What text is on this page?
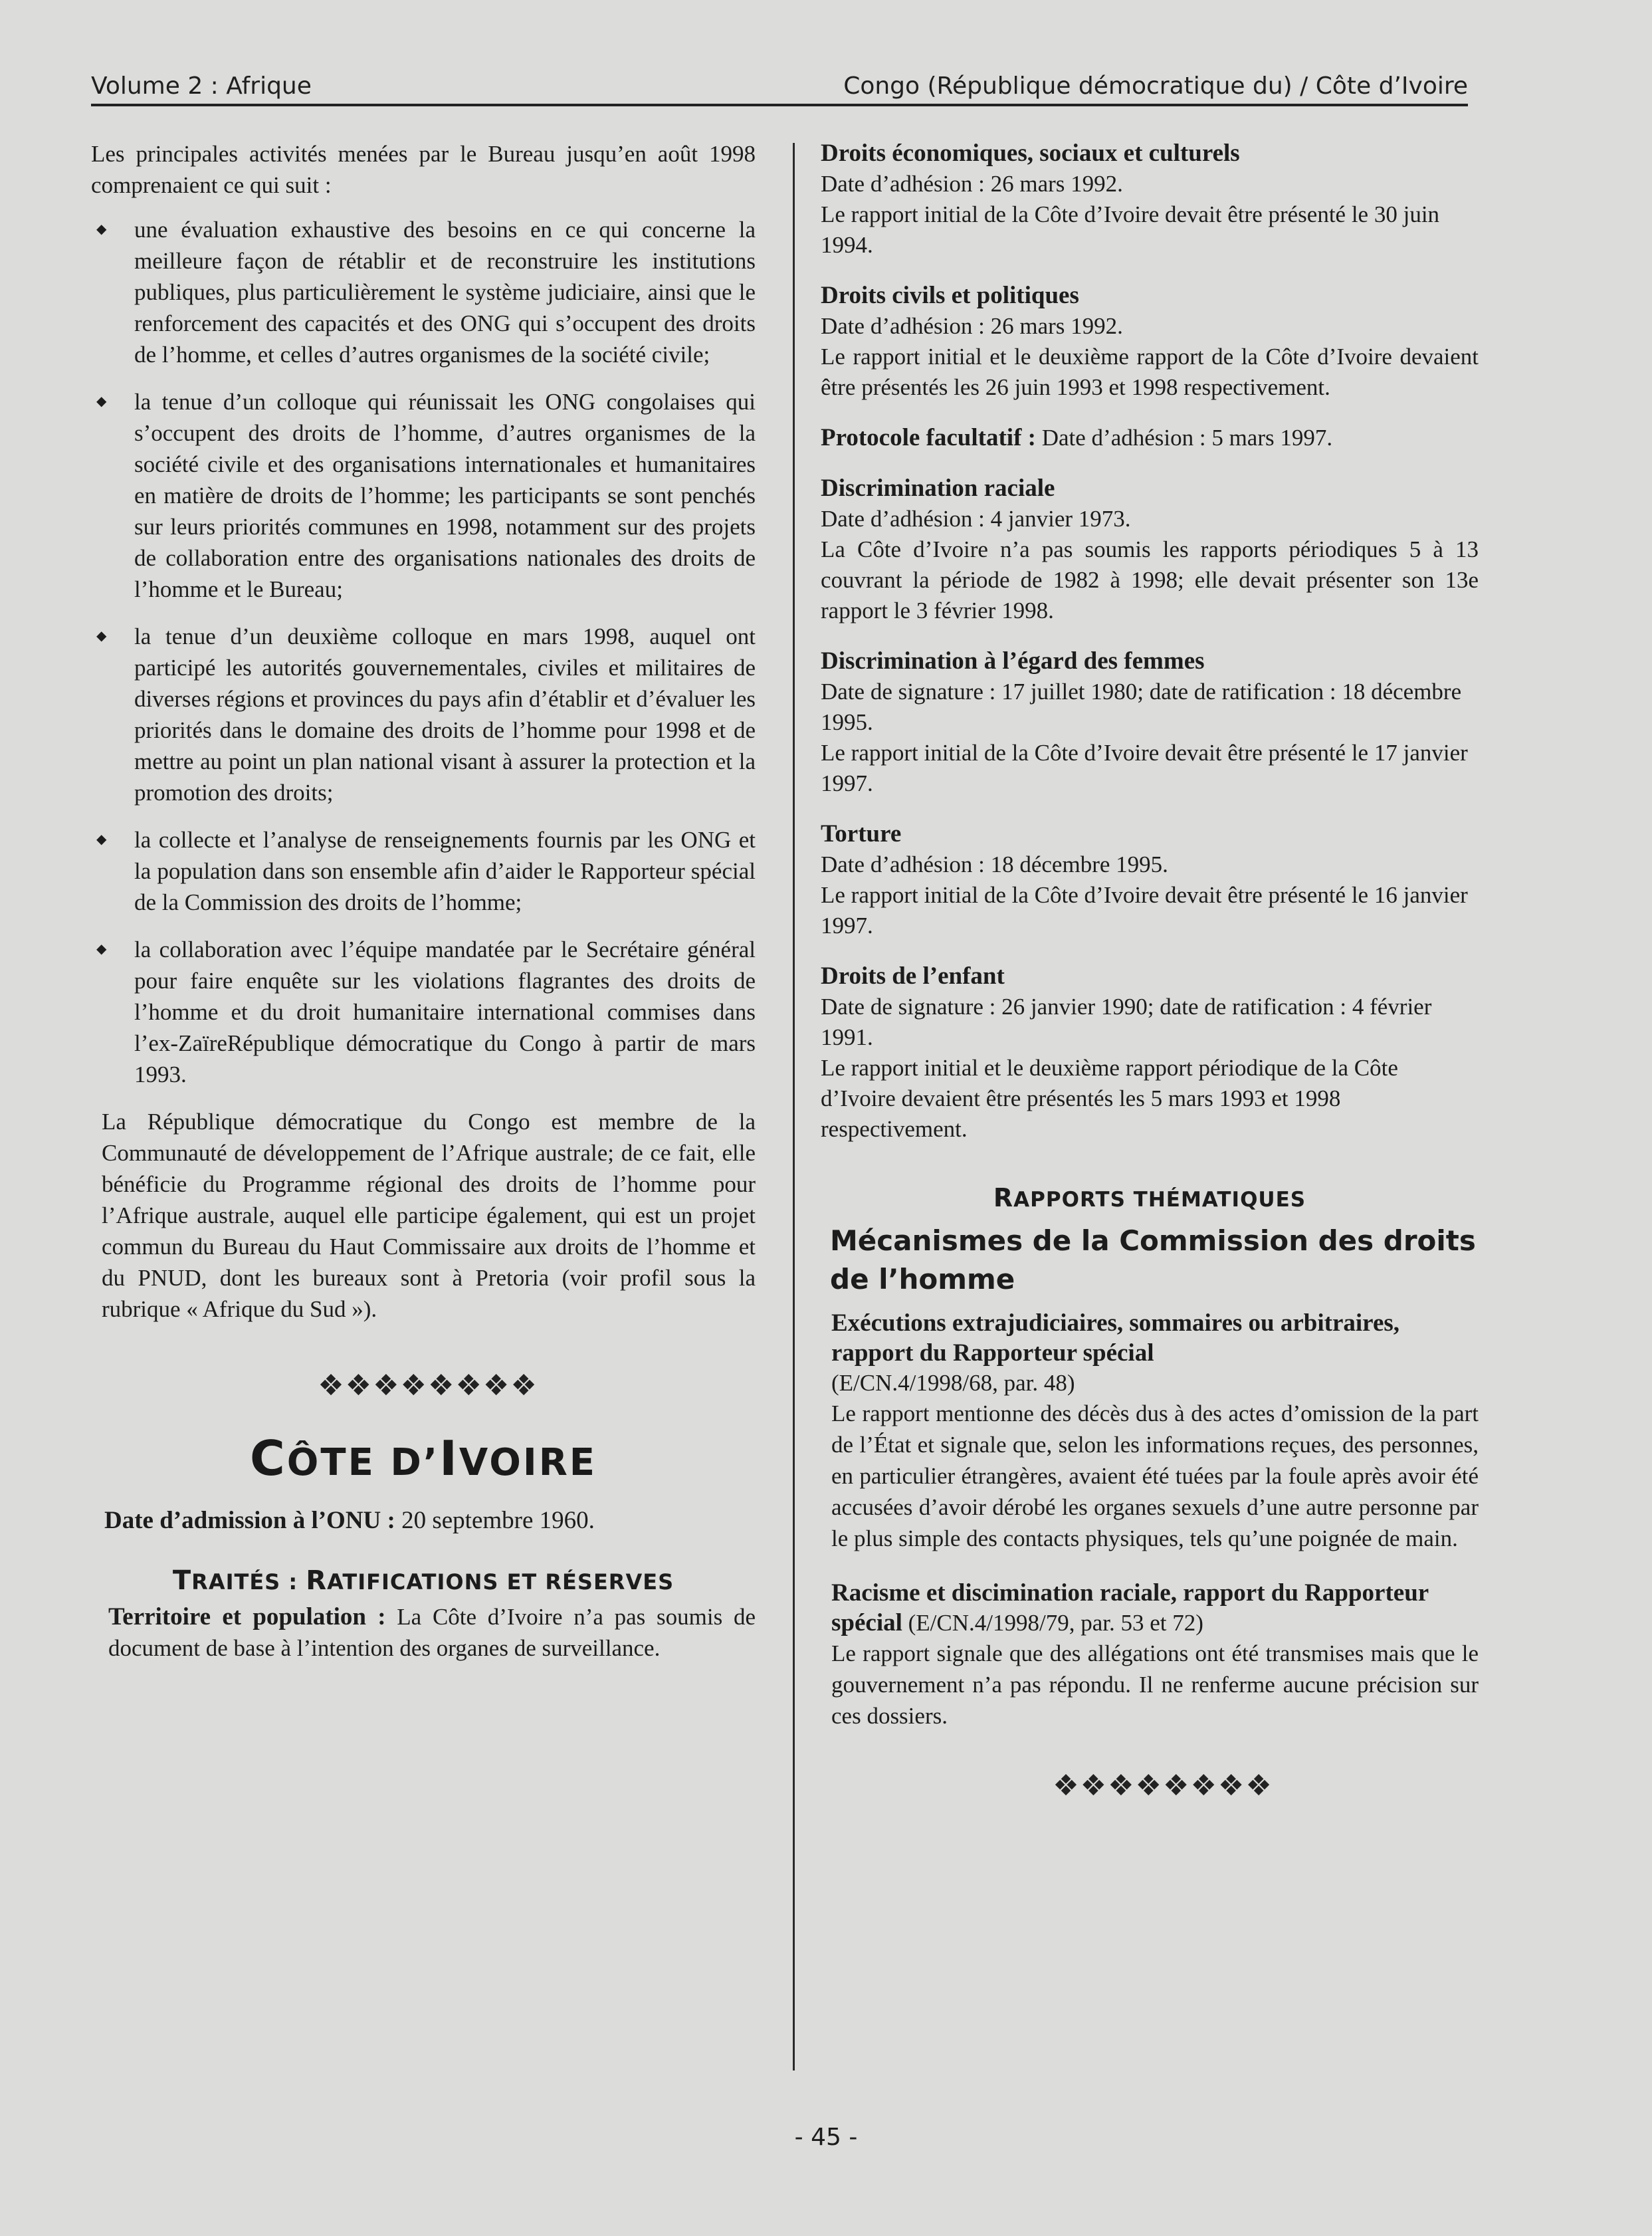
Volume 2 : Afrique	Congo (République démocratique du) / Côte d’Ivoire

Les principales activités menées par le Bureau jusqu’en août 1998 comprenaient ce qui suit :

◆ une évaluation exhaustive des besoins en ce qui concerne la meilleure façon de rétablir et de reconstruire les institutions publiques, plus particulièrement le système judiciaire, ainsi que le renforcement des capacités et des ONG qui s’occupent des droits de l’homme, et celles d’autres organismes de la société civile;
◆ la tenue d’un colloque qui réunissait les ONG congolaises qui s’occupent des droits de l’homme, d’autres organismes de la société civile et des organisations internationales et humanitaires en matière de droits de l’homme; les participants se sont penchés sur leurs priorités communes en 1998, notamment sur des projets de collaboration entre des organisations nationales des droits de l’homme et le Bureau;
◆ la tenue d’un deuxième colloque en mars 1998, auquel ont participé les autorités gouvernementales, civiles et militaires de diverses régions et provinces du pays afin d’établir et d’évaluer les priorités dans le domaine des droits de l’homme pour 1998 et de mettre au point un plan national visant à assurer la protection et la promotion des droits;
◆ la collecte et l’analyse de renseignements fournis par les ONG et la population dans son ensemble afin d’aider le Rapporteur spécial de la Commission des droits de l’homme;
◆ la collaboration avec l’équipe mandatée par le Secrétaire général pour faire enquête sur les violations flagrantes des droits de l’homme et du droit humanitaire international commises dans l’ex-ZaïreRépublique démocratique du Congo à partir de mars 1993.

La République démocratique du Congo est membre de la Communauté de développement de l’Afrique australe; de ce fait, elle bénéficie du Programme régional des droits de l’homme pour l’Afrique australe, auquel elle participe également, qui est un projet commun du Bureau du Haut Commissaire aux droits de l’homme et du PNUD, dont les bureaux sont à Pretoria (voir profil sous la rubrique « Afrique du Sud »).

❖❖❖❖❖❖❖❖
CÔTE D’IVOIRE

Date d’admission à l’ONU : 20 septembre 1960.

TRAITÉS : RATIFICATIONS ET RÉSERVES

Territoire et population : La Côte d’Ivoire n’a pas soumis de document de base à l’intention des organes de surveillance.

Droits économiques, sociaux et culturels
Date d’adhésion : 26 mars 1992.
Le rapport initial de la Côte d’Ivoire devait être présenté le 30 juin 1994.
Droits civils et politiques
Date d’adhésion : 26 mars 1992.
Le rapport initial et le deuxième rapport de la Côte d’Ivoire devaient être présentés les 26 juin 1993 et 1998 respectivement.
Protocole facultatif : Date d’adhésion : 5 mars 1997.
Discrimination raciale
Date d’adhésion : 4 janvier 1973.
La Côte d’Ivoire n’a pas soumis les rapports périodiques 5 à 13 couvrant la période de 1982 à 1998; elle devait présenter son 13e rapport le 3 février 1998.
Discrimination à l’égard des femmes
Date de signature : 17 juillet 1980; date de ratification : 18 décembre 1995.
Le rapport initial de la Côte d’Ivoire devait être présenté le 17 janvier 1997.
Torture
Date d’adhésion : 18 décembre 1995.
Le rapport initial de la Côte d’Ivoire devait être présenté le 16 janvier 1997.
Droits de l’enfant
Date de signature : 26 janvier 1990; date de ratification : 4 février 1991.
Le rapport initial et le deuxième rapport périodique de la Côte d’Ivoire devaient être présentés les 5 mars 1993 et 1998 respectivement.
RAPPORTS THÉMATIQUES
Mécanismes de la Commission des droits de l’homme
Exécutions extrajudiciaires, sommaires ou arbitraires, rapport du Rapporteur spécial
(E/CN.4/1998/68, par. 48)
Le rapport mentionne des décès dus à des actes d’omission de la part de l’État et signale que, selon les informations reçues, des personnes, en particulier étrangères, avaient été tuées par la foule après avoir été accusées d’avoir dérobé les organes sexuels d’une autre personne par le plus simple des contacts physiques, tels qu’une poignée de main.
Racisme et discimination raciale, rapport du Rapporteur spécial (E/CN.4/1998/79, par. 53 et 72)
Le rapport signale que des allégations ont été transmises mais que le gouvernement n’a pas répondu. Il ne renferme aucune précision sur ces dossiers.
❖❖❖❖❖❖❖❖
- 45 -
